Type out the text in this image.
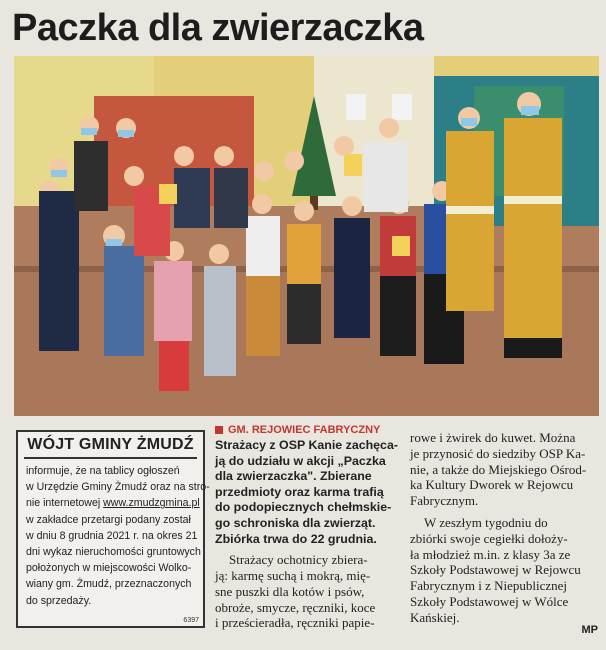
Paczka dla zwierzaczka
WÓJT GMINY ŻMUDŹ
informuje, że na tablicy ogłoszeń
w Urzędzie Gminy Żmudź oraz na stro-
nie internetowej www.zmudzgmina.pl
w zakładce przetargi podany został
w dniu 8 grudnia 2021 r. na okres 21
dni wykaz nieruchomości gruntowych
położonych w miejscowości Wolko-
wiany gm. Żmudź, przeznaczonych
do sprzedaży.
6397
GM. REJOWIEC FABRYCZNY
Strażacy z OSP Kanie zachęca-
ją do udziału w akcji „Paczka
dla zwierzaczka". Zbierane
przedmioty oraz karma trafią
do podopiecznych chełmskie-
go schroniska dla zwierząt.
Zbiórka trwa do 22 grudnia.
Strażacy ochotnicy zbiera-
ją: karmę suchą i mokrą, mię-
sne puszki dla kotów i psów,
obroże, smycze, ręczniki, koce
i prześcieradła, ręczniki papie-
rowe i żwirek do kuwet. Można
je przynosić do siedziby OSP Ka-
nie, a także do Miejskiego Ośrod-
ka Kultury Dworek w Rejowcu
Fabrycznym.
W zeszłym tygodniu do
zbiórki swoje cegiełki dołoży-
ła młodzież m.in. z klasy 3a ze
Szkoły Podstawowej w Rejowcu
Fabrycznym i z Niepublicznej
Szkoły Podstawowej w Wólce
Kańskiej.
MP
